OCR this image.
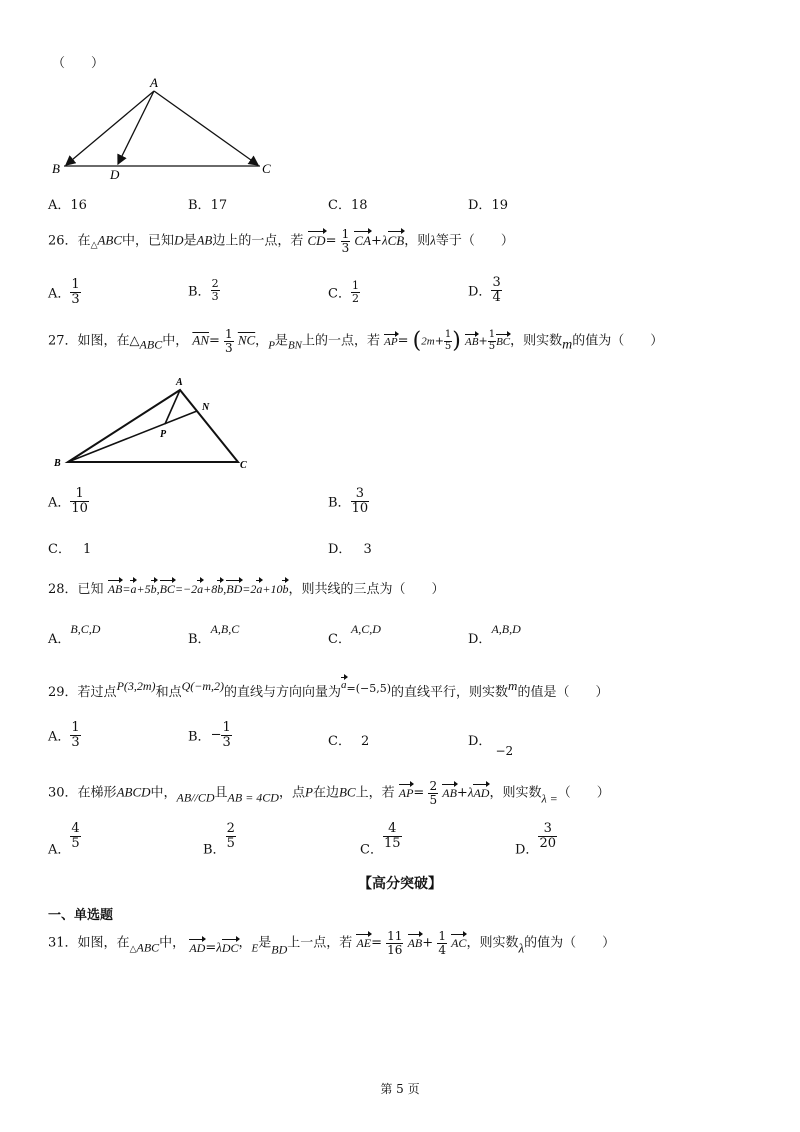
（　　）
A
B	D	C
A．16	B．17	C．18	D．19
26．在$_\triangle$ABC中，已知D是AB边上的一点，若 $CD= \frac{1}{3} CA+\lambda CB$，则λ等于（　　）
A． $\frac{1}{3}$	B． $\frac{2}{3}$	C． $\frac{1}{2}$	D． $\frac{3}{4}$
27．如图，在△ABC中， $\overline{AN}= \frac{1}{3} \overline{NC}$，$_P$是$_{BN}$上的一点，若 $AP= (2m+ \frac{1}{5}$ ) $AB+ \frac{1}{5}$ BC，则实数m的值为（　　）
A
B	C
N
P
A． $\frac{1}{10}$	B． $\frac{3}{10}$
C． 1	D． 3
28．已知 AB=a+5b,BC=−2a+8b,BD=2a+10b，则共线的三点为（　　）
A．B,C,D
B．A,B,C
C．A,C,D
D．A,B,D
29．若过点P(3,2m)和点Q(−m,2)的直线与方向向量为$a^{=(-5,5)}$的直线平行，则实数m的值是（　　）
A． $\frac{1}{3}$	B．− $\frac{1}{3}$	C． 2	D．−2
30．在梯形ABCD中，AB//CD且AB = 4CD，点P在边BC上，若 $AP= \frac{2}{5} AB+\lambda AD$，则实数λ =（　　）
A． $\frac{4}{5}$	B． $\frac{2}{5}$	C． $\frac{4}{15}$	D． $\frac{3}{20}$
【高分突破】
一、单选题
31．如图，在$_\triangle$ABC中， AD=λDC，$_E$是BD上一点，若 $AE= \frac{11}{16} AB+ \frac{1}{4}$ AC，则实数λ的值为（　　）
第 5 页
